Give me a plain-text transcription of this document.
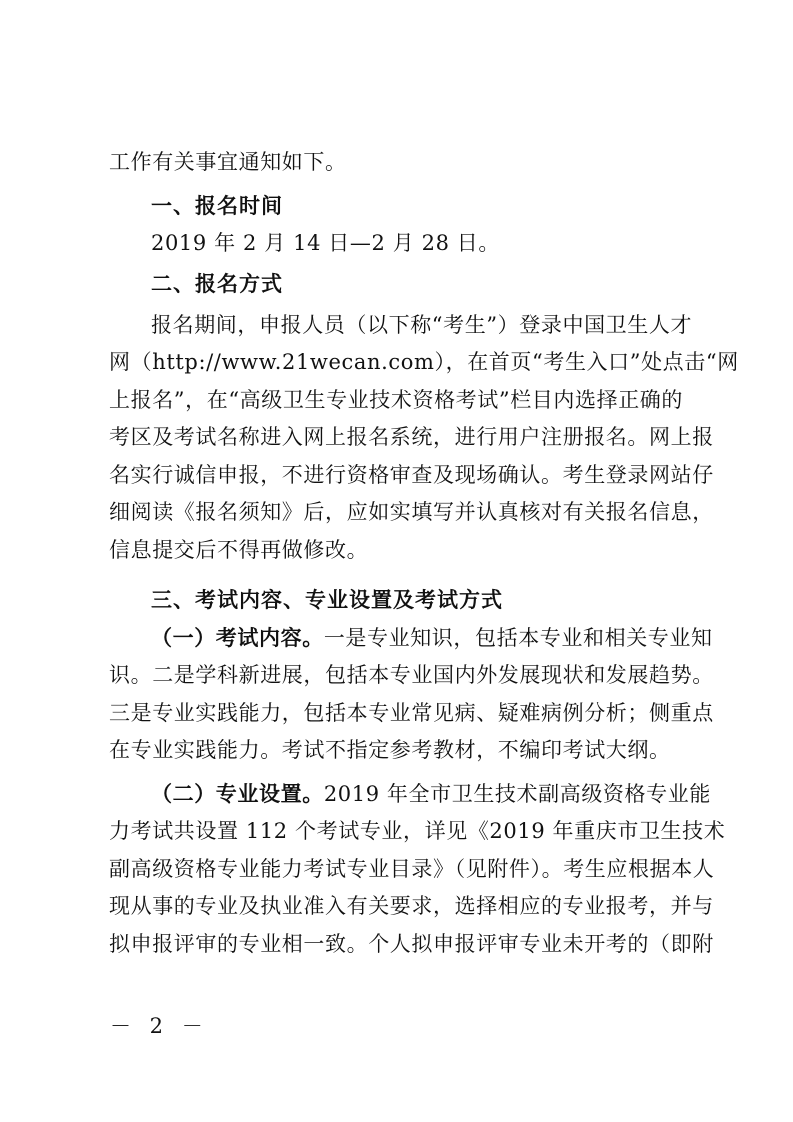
工作有关事宜通知如下。
一、报名时间
2019 年 2 月 14 日—2 月 28 日。
二、报名方式
报名期间，申报人员（以下称“考生”）登录中国卫生人才
网（http://www.21wecan.com），在首页“考生入口”处点击“网
上报名”，在“高级卫生专业技术资格考试”栏目内选择正确的
考区及考试名称进入网上报名系统，进行用户注册报名。网上报
名实行诚信申报，不进行资格审查及现场确认。考生登录网站仔
细阅读《报名须知》后，应如实填写并认真核对有关报名信息，
信息提交后不得再做修改。
三、考试内容、专业设置及考试方式
（一）考试内容。一是专业知识，包括本专业和相关专业知
识。二是学科新进展，包括本专业国内外发展现状和发展趋势。
三是专业实践能力，包括本专业常见病、疑难病例分析；侧重点
在专业实践能力。考试不指定参考教材，不编印考试大纲。
（二）专业设置。2019 年全市卫生技术副高级资格专业能
力考试共设置 112 个考试专业，详见《2019 年重庆市卫生技术
副高级资格专业能力考试专业目录》（见附件）。考生应根据本人
现从事的专业及执业准入有关要求，选择相应的专业报考，并与
拟申报评审的专业相一致。个人拟申报评审专业未开考的（即附
－ 2 －
